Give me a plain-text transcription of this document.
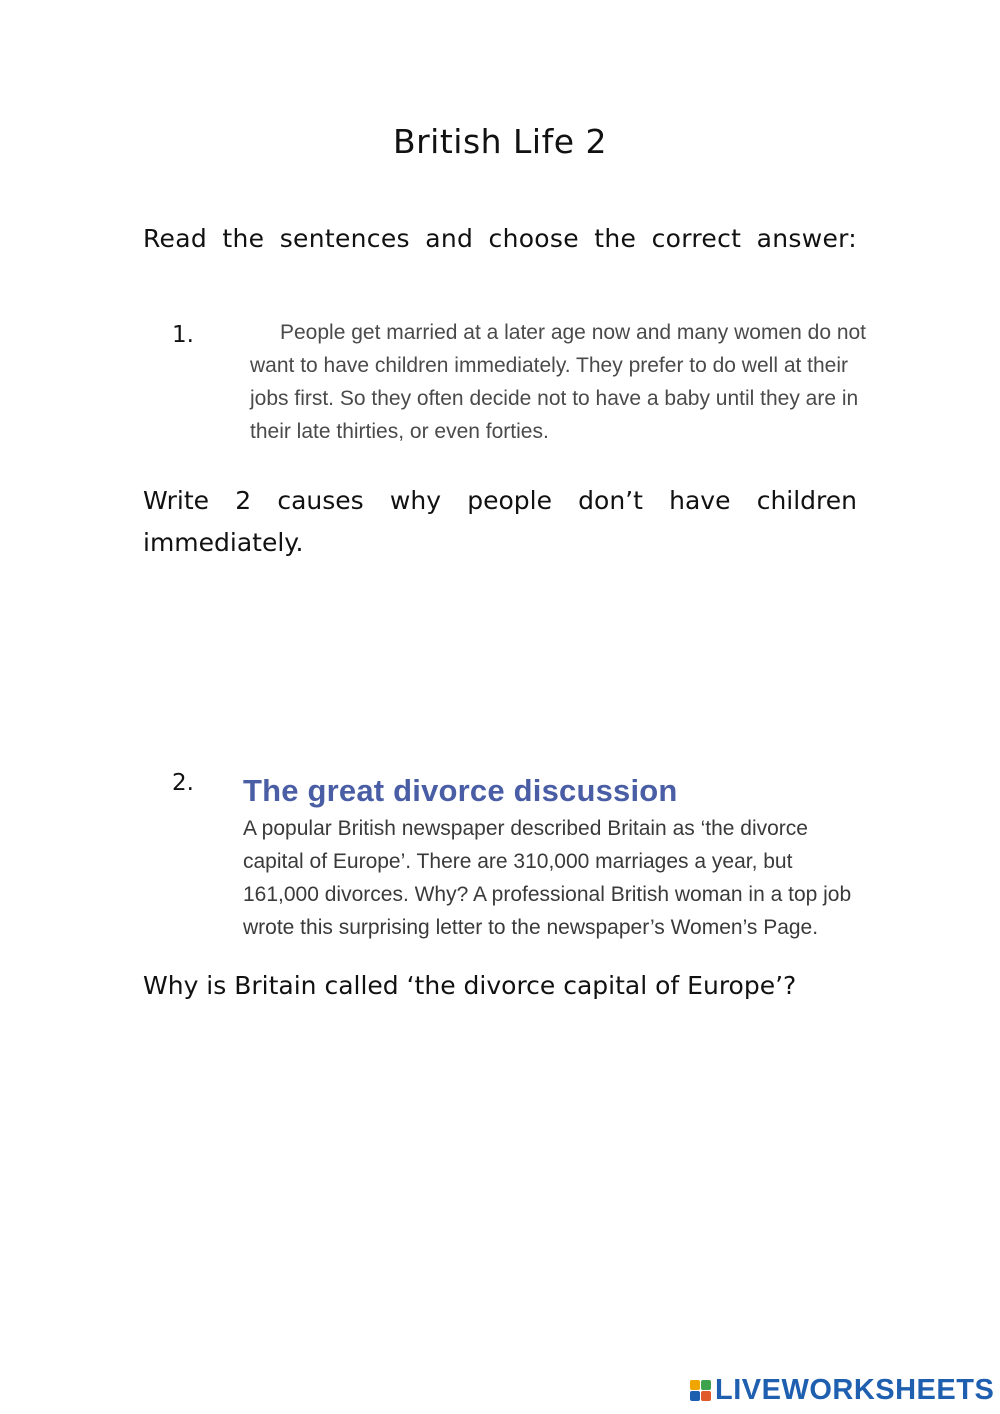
British Life 2
Read the sentences and choose the correct answer:
1.	People get married at a later age now and many women do not
want to have children immediately. They prefer to do well at their
jobs first. So they often decide not to have a baby until they are in
their late thirties, or even forties.
Write 2 causes why people don’t have children
immediately.
2. The great divorce discussion
A popular British newspaper described Britain as ‘the divorce
capital of Europe’. There are 310,000 marriages a year, but
161,000 divorces. Why? A professional British woman in a top job
wrote this surprising letter to the newspaper’s Women’s Page.
Why is Britain called ‘the divorce capital of Europe’?
LIVEWORKSHEETS
